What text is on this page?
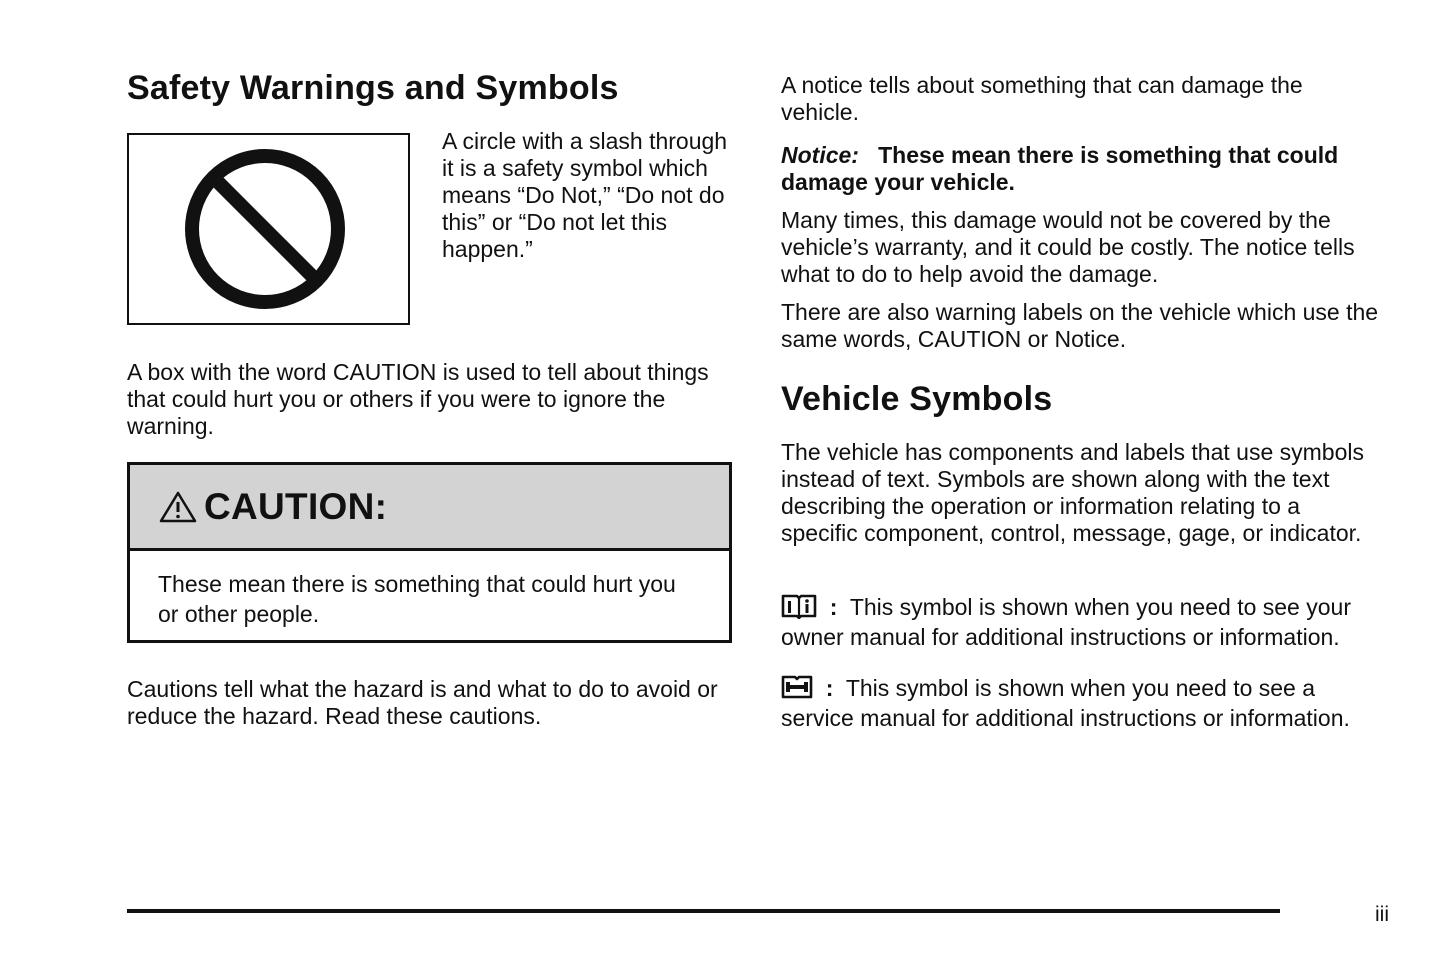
Safety Warnings and Symbols

A circle with a slash through it is a safety symbol which means “Do Not,” “Do not do this” or “Do not let this happen.”

A box with the word CAUTION is used to tell about things that could hurt you or others if you were to ignore the warning.

CAUTION:
These mean there is something that could hurt you or other people.

Cautions tell what the hazard is and what to do to avoid or reduce the hazard. Read these cautions.

A notice tells about something that can damage the vehicle.

Notice: These mean there is something that could damage your vehicle.

Many times, this damage would not be covered by the vehicle’s warranty, and it could be costly. The notice tells what to do to help avoid the damage.

There are also warning labels on the vehicle which use the same words, CAUTION or Notice.

Vehicle Symbols

The vehicle has components and labels that use symbols instead of text. Symbols are shown along with the text describing the operation or information relating to a specific component, control, message, gage, or indicator.

:  This symbol is shown when you need to see your owner manual for additional instructions or information.
:  This symbol is shown when you need to see a service manual for additional instructions or information.
iii
